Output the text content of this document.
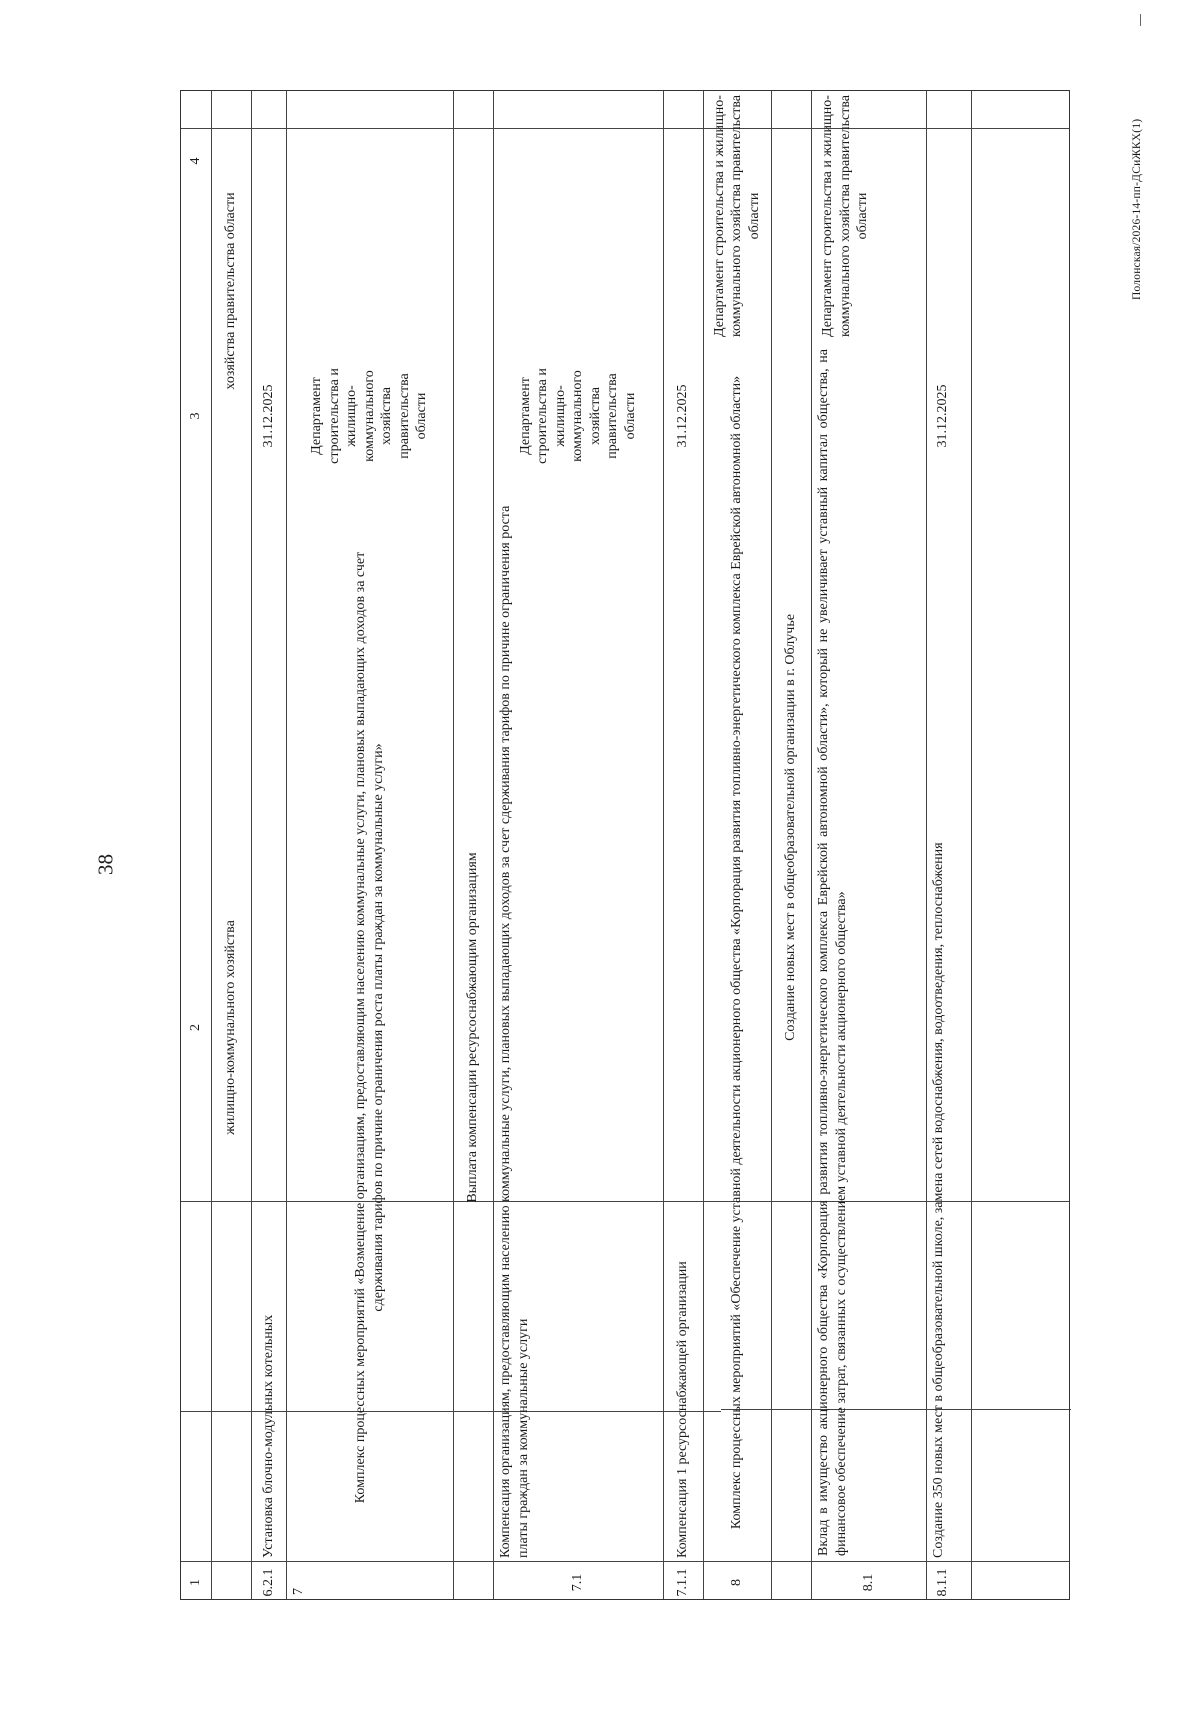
38
Полонская/2026-14-пп-ДСиЖКХ(1)
1
2
3
4
жилищно-коммунального хозяйства
хозяйства правительства области
6.2.1
Установка блочно-модульных котельных
31.12.2025
7
Комплекс процессных мероприятий «Возмещение организациям, предоставляющим населению коммунальные услуги, плановых выпадающих доходов за счет сдерживания тарифов по причине ограничения роста платы граждан за коммунальные услуги»
Департамент строительства и жилищно-коммунального хозяйства правительства области
Выплата компенсации ресурсоснабжающим организациям
7.1
Компенсация организациям, предоставляющим населению коммунальные услуги, плановых выпадающих доходов за счет сдерживания тарифов по причине ограничения роста платы граждан за коммунальные услуги
Департамент строительства и жилищно-коммунального хозяйства правительства области
7.1.1
Компенсация 1 ресурсоснабжающей организации
31.12.2025
8
Комплекс процессных мероприятий «Обеспечение уставной деятельности акционерного общества «Корпорация развития топливно-энергетического комплекса Еврейской автономной области»
Департамент строительства и жилищно-коммунального хозяйства правительства области
Создание новых мест в общеобразовательной организации в г. Облучье
8.1
Вклад в имущество акционерного общества «Корпорация развития топливно-энергетического комплекса Еврейской автономной области», который не увеличивает уставный капитал общества, на финансовое обеспечение затрат, связанных с осуществлением уставной деятельности акционерного общества»
Департамент строительства и жилищно-коммунального хозяйства правительства области
8.1.1
Создание 350 новых мест в общеобразовательной школе, замена сетей водоснабжения, водоотведения, теплоснабжения
31.12.2025
